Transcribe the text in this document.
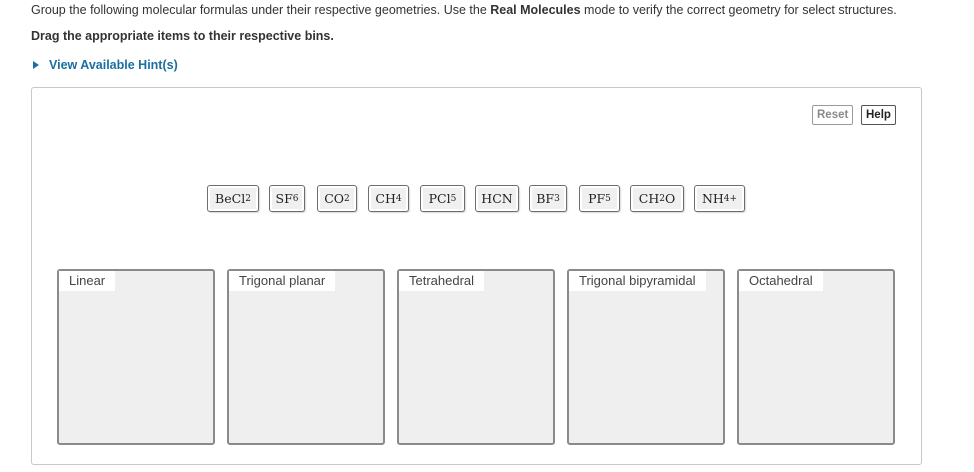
Group the following molecular formulas under their respective geometries. Use the Real Molecules mode to verify the correct geometry for select structures.
Drag the appropriate items to their respective bins.
View Available Hint(s)
Reset	Help
BeCl 2 SF 6 CO 2 CH 4 PCl 5 HCN BF 3 PF 5 CH 2 O NH 4 +
Linear	Trigonal planar	Tetrahedral	Trigonal bipyramidal	Octahedral
